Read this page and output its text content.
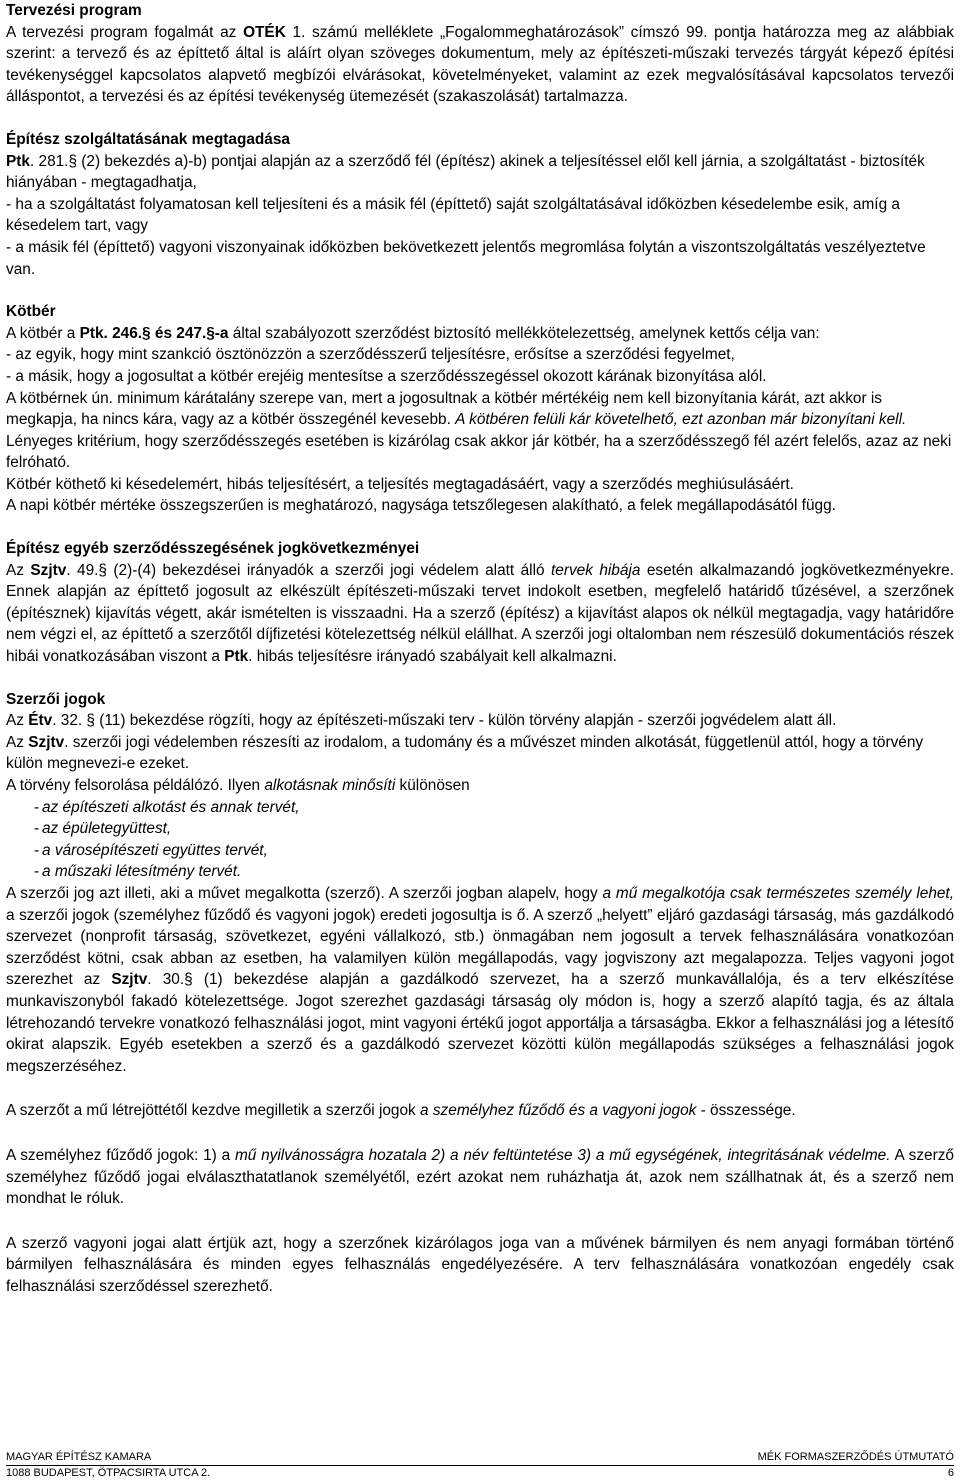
Tervezési program

A tervezési program fogalmát az OTÉK 1. számú melléklete „Fogalommeghatározások” címszó 99. pontja határozza meg az alábbiak szerint: a tervező és az építtető által is aláírt olyan szöveges dokumentum, mely az építészeti-műszaki tervezés tárgyát képező építési tevékenységgel kapcsolatos alapvető megbízói elvárásokat, követelményeket, valamint az ezek megvalósításával kapcsolatos tervezői álláspontot, a tervezési és az építési tevékenység ütemezését (szakaszolását) tartalmazza.

Építész szolgáltatásának megtagadása

Ptk. 281.§ (2) bekezdés a)-b) pontjai alapján az a szerződő fél (építész) akinek a teljesítéssel elől kell járnia, a szolgáltatást - biztosíték hiányában - megtagadhatja,

- ha a szolgáltatást folyamatosan kell teljesíteni és a másik fél (építtető) saját szolgáltatásával időközben késedelembe esik, amíg a késedelem tart, vagy

- a másik fél (építtető) vagyoni viszonyainak időközben bekövetkezett jelentős megromlása folytán a viszontszolgáltatás veszélyeztetve van.

Kötbér

A kötbér a Ptk. 246.§ és 247.§-a által szabályozott szerződést biztosító mellékkötelezettség, amelynek kettős célja van:

- az egyik, hogy mint szankció ösztönözzön a szerződésszerű teljesítésre, erősítse a szerződési fegyelmet,

- a másik, hogy a jogosultat a kötbér erejéig mentesítse a szerződésszegéssel okozott kárának bizonyítása alól.

A kötbérnek ún. minimum kárátalány szerepe van, mert a jogosultnak a kötbér mértékéig nem kell bizonyítania kárát, azt akkor is megkapja, ha nincs kára, vagy az a kötbér összegénél kevesebb. A kötbéren felüli kár követelhető, ezt azonban már bizonyítani kell.

Lényeges kritérium, hogy szerződésszegés esetében is kizárólag csak akkor jár kötbér, ha a szerződésszegő fél azért felelős, azaz az neki felróható.

Kötbér köthető ki késedelemért, hibás teljesítésért, a teljesítés megtagadásáért, vagy a szerződés meghiúsulásáért.

A napi kötbér mértéke összegszerűen is meghatározó, nagysága tetszőlegesen alakítható, a felek megállapodásától függ.

Építész egyéb szerződésszegésének jogkövetkezményei

Az Szjtv. 49.§ (2)-(4) bekezdései irányadók a szerzői jogi védelem alatt álló tervek hibája esetén alkalmazandó jogkövetkezményekre. Ennek alapján az építtető jogosult az elkészült építészeti-műszaki tervet indokolt esetben, megfelelő határidő tűzésével, a szerzőnek (építésznek) kijavítás végett, akár ismételten is visszaadni. Ha a szerző (építész) a kijavítást alapos ok nélkül megtagadja, vagy határidőre nem végzi el, az építtető a szerzőtől díjfizetési kötelezettség nélkül elállhat. A szerzői jogi oltalomban nem részesülő dokumentációs részek hibái vonatkozásában viszont a Ptk. hibás teljesítésre irányadó szabályait kell alkalmazni.

Szerzői jogok

Az Étv. 32. § (11) bekezdése rögzíti, hogy az építészeti-műszaki terv - külön törvény alapján - szerzői jogvédelem alatt áll.

Az Szjtv. szerzői jogi védelemben részesíti az irodalom, a tudomány és a művészet minden alkotását, függetlenül attól, hogy a törvény külön megnevezi-e ezeket.

A törvény felsorolása példálózó. Ilyen alkotásnak minősíti különösen

- az építészeti alkotást és annak tervét,
- az épületegyüttest,
- a városépítészeti együttes tervét,
- a műszaki létesítmény tervét.

A szerzői jog azt illeti, aki a művet megalkotta (szerző). A szerzői jogban alapelv, hogy a mű megalkotója csak természetes személy lehet, a szerzői jogok (személyhez fűződő és vagyoni jogok) eredeti jogosultja is ő. A szerző „helyett” eljáró gazdasági társaság, más gazdálkodó szervezet (nonprofit társaság, szövetkezet, egyéni vállalkozó, stb.) önmagában nem jogosult a tervek felhasználására vonatkozóan szerződést kötni, csak abban az esetben, ha valamilyen külön megállapodás, vagy jogviszony azt megalapozza. Teljes vagyoni jogot szerezhet az Szjtv. 30.§ (1) bekezdése alapján a gazdálkodó szervezet, ha a szerző munkavállalója, és a terv elkészítése munkaviszonyból fakadó kötelezettsége. Jogot szerezhet gazdasági társaság oly módon is, hogy a szerző alapító tagja, és az általa létrehozandó tervekre vonatkozó felhasználási jogot, mint vagyoni értékű jogot apportálja a társaságba. Ekkor a felhasználási jog a létesítő okirat alapszik. Egyéb esetekben a szerző és a gazdálkodó szervezet közötti külön megállapodás szükséges a felhasználási jogok megszerzéséhez.

A szerzőt a mű létrejöttétől kezdve megilletik a szerzői jogok a személyhez fűződő és a vagyoni jogok - összessége.

A személyhez fűződő jogok: 1) a mű nyilvánosságra hozatala 2) a név feltüntetése 3) a mű egységének, integritásának védelme. A szerző személyhez fűződő jogai elválaszthatatlanok személyétől, ezért azokat nem ruházhatja át, azok nem szállhatnak át, és a szerző nem mondhat le róluk.

A szerző vagyoni jogai alatt értjük azt, hogy a szerzőnek kizárólagos joga van a művének bármilyen és nem anyagi formában történő bármilyen felhasználására és minden egyes felhasználás engedélyezésére. A terv felhasználására vonatkozóan engedély csak felhasználási szerződéssel szerezhető.

MAGYAR ÉPÍTÉSZ KAMARA	MÉK FORMASZERZŐDÉS ÚTMUTATÓ
1088 BUDAPEST, ÖTPACSIRTA UTCA 2.	6
